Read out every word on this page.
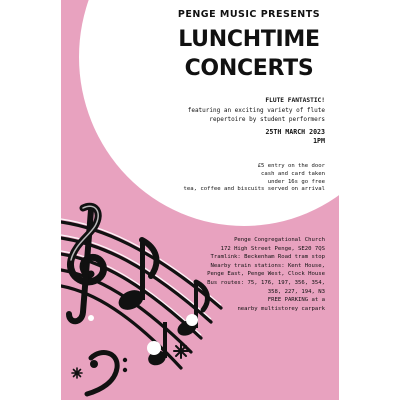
PENGE MUSIC PRESENTS
LUNCHTIME
CONCERTS
FLUTE FANTASTIC!
featuring an exciting variety of flute
repertoire by student performers
25TH MARCH 2023
1PM
£5 entry on the door
cash and card taken
under 16s go free
tea, coffee and biscuits served on arrival
Penge Congregational Church
172 High Street Penge, SE20 7QS
Tramlink: Beckenham Road tram stop
Nearby train stations: Kent House,
Penge East, Penge West, Clock House
Bus routes: 75, 176, 197, 356, 354,
358, 227, 194, N3
FREE PARKING at a
nearby multistorey carpark
